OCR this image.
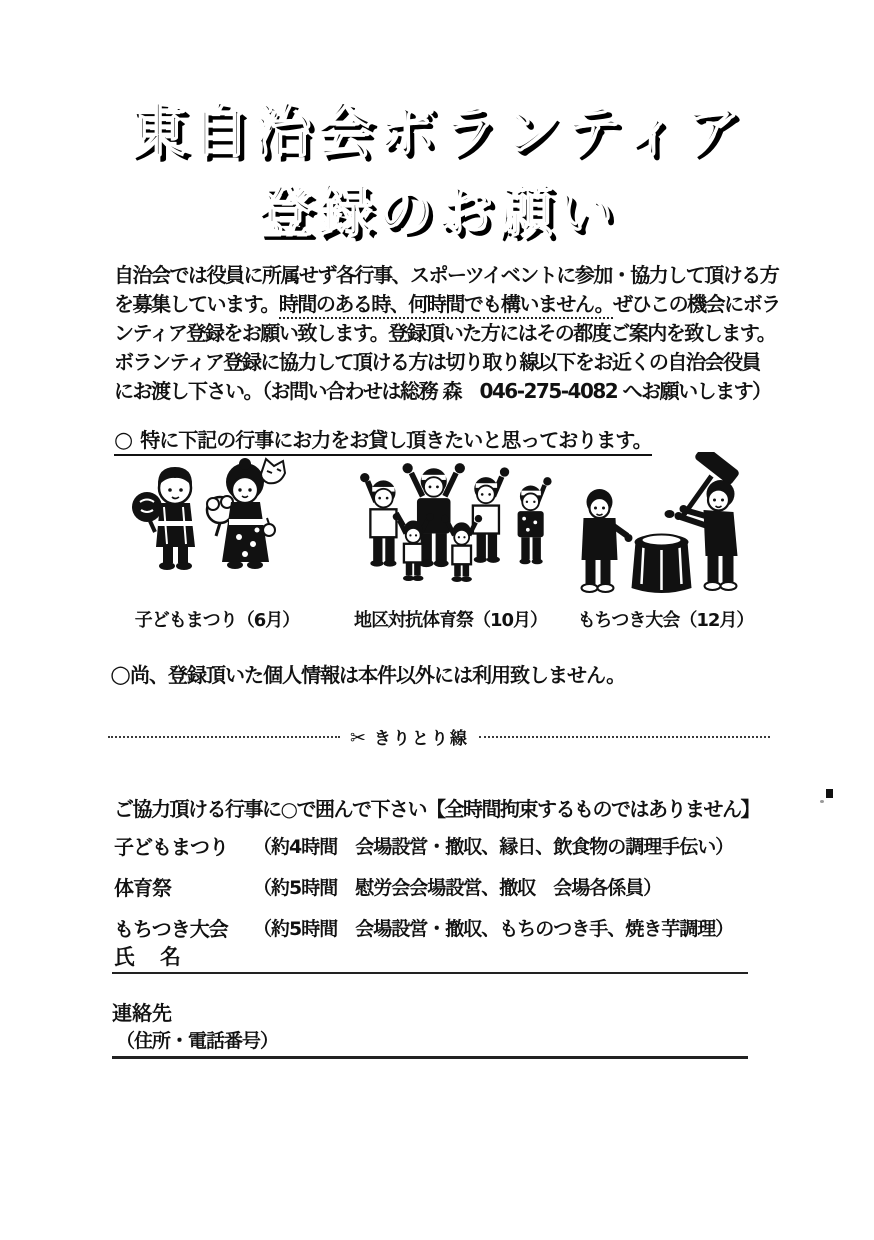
東自治会ボランティア
登録のお願い
自治会では役員に所属せず各行事、スポーツイベントに参加・協力して頂ける方
を募集しています。時間のある時、何時間でも構いません。ぜひこの機会にボラ
ンティア登録をお願い致します。登録頂いた方にはその都度ご案内を致します。
ボランティア登録に協力して頂ける方は切り取り線以下をお近くの自治会役員
にお渡し下さい。（お問い合わせは総務 森　046-275-4082 へお願いします）
○ 特に下記の行事にお力をお貸し頂きたいと思っております。
子どもまつり（6月）	地区対抗体育祭（10月）	もちつき大会（12月）
○尚、登録頂いた個人情報は本件以外には利用致しません。
✂ きりとり線
ご協力頂ける行事に○で囲んで下さい【全時間拘束するものではありません】
子どもまつり	（約4時間　会場設営・撤収、縁日、飲食物の調理手伝い）
体育祭	（約5時間　慰労会会場設営、撤収　会場各係員）
もちつき大会	（約5時間　会場設営・撤収、もちのつき手、焼き芋調理）
氏　名
連絡先
（住所・電話番号）
